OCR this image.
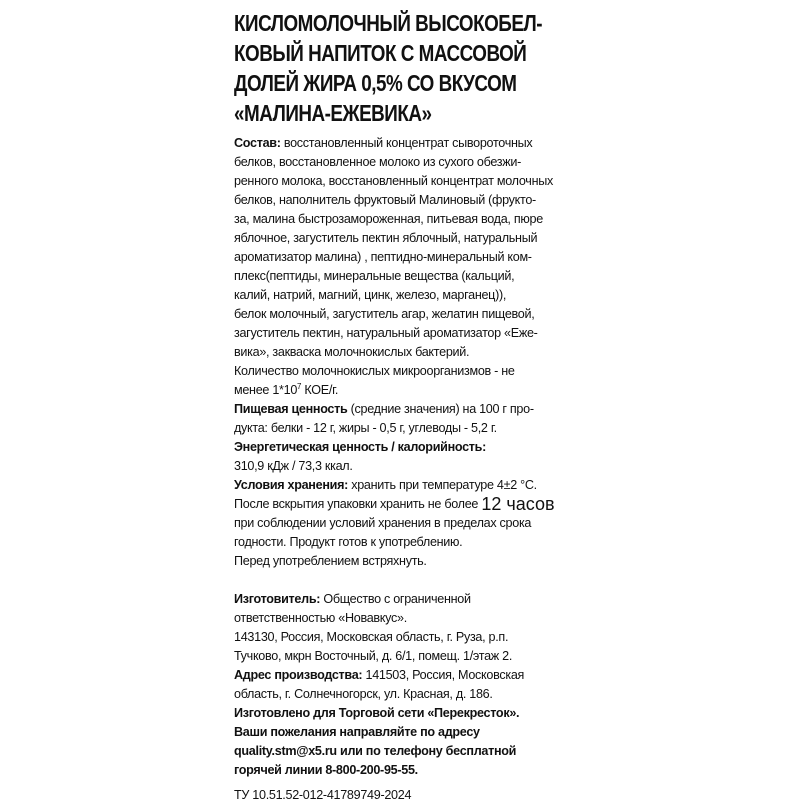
КИСЛОМОЛОЧНЫЙ ВЫСОКОБЕЛ-
КОВЫЙ НАПИТОК С МАССОВОЙ
ДОЛЕЙ ЖИРА 0,5% СО ВКУСОМ
«МАЛИНА-ЕЖЕВИКА»
Состав: восстановленный концентрат сывороточных
белков, восстановленное молоко из сухого обезжи-
ренного молока, восстановленный концентрат молочных
белков, наполнитель фруктовый Малиновый (фрукто-
за, малина быстрозамороженная, питьевая вода, пюре
яблочное, загуститель пектин яблочный, натуральный
ароматизатор малина) , пептидно-минеральный ком-
плекс(пептиды, минеральные вещества (кальций,
калий, натрий, магний, цинк, железо, марганец)),
белок молочный, загуститель агар, желатин пищевой,
загуститель пектин, натуральный ароматизатор «Еже-
вика», закваска молочнокислых бактерий.
Количество молочнокислых микроорганизмов - не
менее $1*10^7$ КОЕ/г.
Пищевая ценность (средние значения) на 100 г про-
дукта: белки - 12 г, жиры - 0,5 г, углеводы - 5,2 г.
Энергетическая ценность / калорийность:
310,9 кДж / 73,3 ккал.
Условия хранения: хранить при температуре 4±2 °С.
После вскрытия упаковки хранить не более 12 часов
при соблюдении условий хранения в пределах срока
годности. Продукт готов к употреблению.
Перед употреблением встряхнуть.
Изготовитель: Общество с ограниченной
ответственностью «Новавкус».
143130, Россия, Московская область, г. Руза, р.п.
Тучково, мкрн Восточный, д. 6/1, помещ. 1/этаж 2.
Адрес производства: 141503, Россия, Московская
область, г. Солнечногорск, ул. Красная, д. 186.
Изготовлено для Торговой сети «Перекресток».
Ваши пожелания направляйте по адресу
quality.stm@x5.ru или по телефону бесплатной
горячей линии 8-800-200-95-55.
ТУ 10.51.52-012-41789749-2024
